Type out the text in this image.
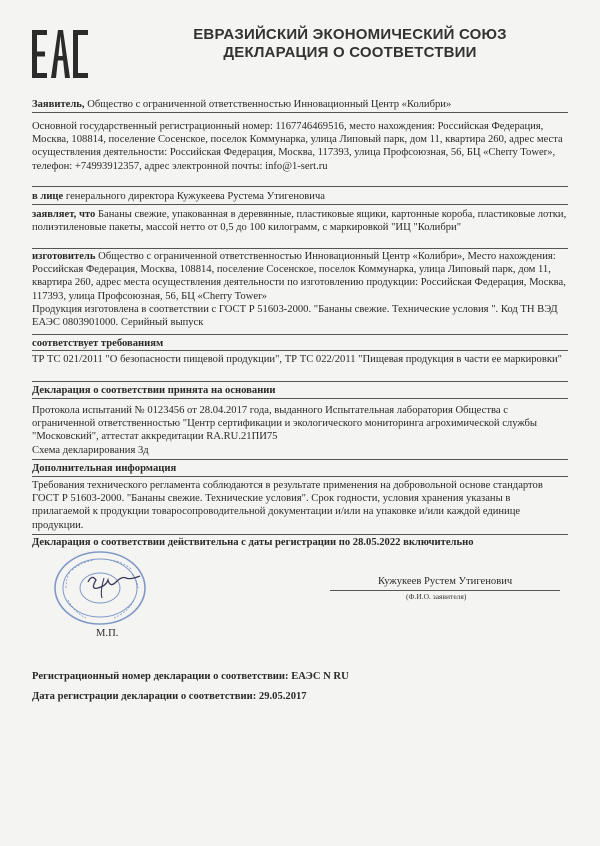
ЕВРАЗИЙСКИЙ ЭКОНОМИЧЕСКИЙ СОЮЗ
ДЕКЛАРАЦИЯ О СООТВЕТСТВИИ

Заявитель, Общество с ограниченной ответственностью Инновационный Центр «Колибри»

Основной государственный регистрационный номер: 1167746469516, место нахождения: Российская Федерация, Москва, 108814, поселение Сосенское, поселок Коммунарка, улица Липовый парк, дом 11, квартира 260, адрес места осуществления деятельности: Российская Федерация, Москва, 117393, улица Профсоюзная, 56, БЦ «Cherry Tower», телефон: +74993912357, адрес электронной почты: info@1-sert.ru

в лице генерального директора Кужукеева Рустема Утигеновича

заявляет, что Бананы свежие, упакованная в деревянные, пластиковые ящики, картонные короба, пластиковые лотки, полиэтиленовые пакеты, массой нетто от 0,5 до 100 килограмм, с маркировкой "ИЦ "Колибри"

изготовитель Общество с ограниченной ответственностью Инновационный Центр «Колибри», Место нахождения: Российская Федерация, Москва, 108814, поселение Сосенское, поселок Коммунарка, улица Липовый парк, дом 11, квартира 260, адрес места осуществления деятельности по изготовлению продукции: Российская Федерация, Москва, 117393, улица Профсоюзная, 56, БЦ «Cherry Tower»

Продукция изготовлена в соответствии с ГОСТ Р 51603-2000. "Бананы свежие. Технические условия ". Код ТН ВЭД ЕАЭС 0803901000. Серийный выпуск

соответствует требованиям

ТР ТС 021/2011 "О безопасности пищевой продукции", ТР ТС 022/2011 "Пищевая продукция в части ее маркировки"

Декларация о соответствии принята на основании

Протокола испытаний № 0123456 от 28.04.2017 года, выданного Испытательная лаборатория Общества с ограниченной ответственностью "Центр сертификации и экологического мониторинга агрохимической службы "Московский", аттестат аккредитации RA.RU.21ПИ75

Схема декларирования 3д

Дополнительная информация

Требования технического регламента соблюдаются в результате применения на добровольной основе стандартов ГОСТ Р 51603-2000. "Бананы свежие. Технические условия". Срок годности, условия хранения указаны в прилагаемой к продукции товаросопроводительной документации и/или на упаковке и/или каждой единице продукции.

Декларация о соответствии действительна с даты регистрации по 28.05.2022 включительно

Кужукеев Рустем Утигенович
(Ф.И.О. заявителя)
М.П.
Регистрационный номер декларации о соответствии: ЕАЭС N RU
Дата регистрации декларации о соответствии: 29.05.2017
